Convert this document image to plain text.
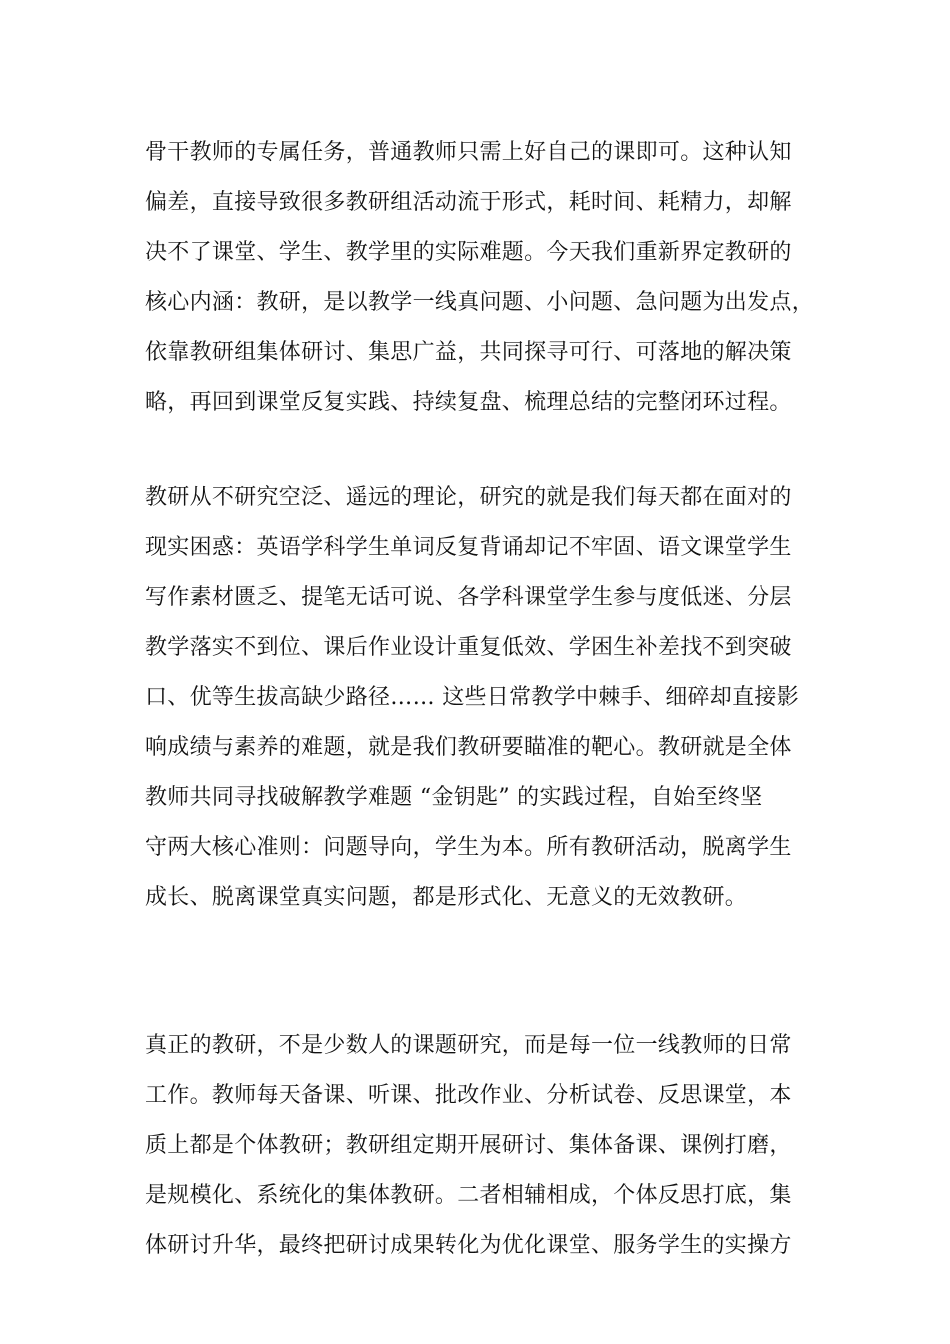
骨干教师的专属任务，普通教师只需上好自己的课即可。这种认知
偏差，直接导致很多教研组活动流于形式，耗时间、耗精力，却解
决不了课堂、学生、教学里的实际难题。今天我们重新界定教研的
核心内涵：教研，是以教学一线真问题、小问题、急问题为出发点，
依靠教研组集体研讨、集思广益，共同探寻可行、可落地的解决策
略，再回到课堂反复实践、持续复盘、梳理总结的完整闭环过程。
教研从不研究空泛、遥远的理论，研究的就是我们每天都在面对的
现实困惑：英语学科学生单词反复背诵却记不牢固、语文课堂学生
写作素材匮乏、提笔无话可说、各学科课堂学生参与度低迷、分层
教学落实不到位、课后作业设计重复低效、学困生补差找不到突破
口、优等生拔高缺少路径…… 这些日常教学中棘手、细碎却直接影
响成绩与素养的难题，就是我们教研要瞄准的靶心。教研就是全体
教师共同寻找破解教学难题 “金钥匙” 的实践过程，自始至终坚
守两大核心准则：问题导向，学生为本。所有教研活动，脱离学生
成长、脱离课堂真实问题，都是形式化、无意义的无效教研。
真正的教研，不是少数人的课题研究，而是每一位一线教师的日常
工作。教师每天备课、听课、批改作业、分析试卷、反思课堂，本
质上都是个体教研；教研组定期开展研讨、集体备课、课例打磨，
是规模化、系统化的集体教研。二者相辅相成，个体反思打底，集
体研讨升华，最终把研讨成果转化为优化课堂、服务学生的实操方
